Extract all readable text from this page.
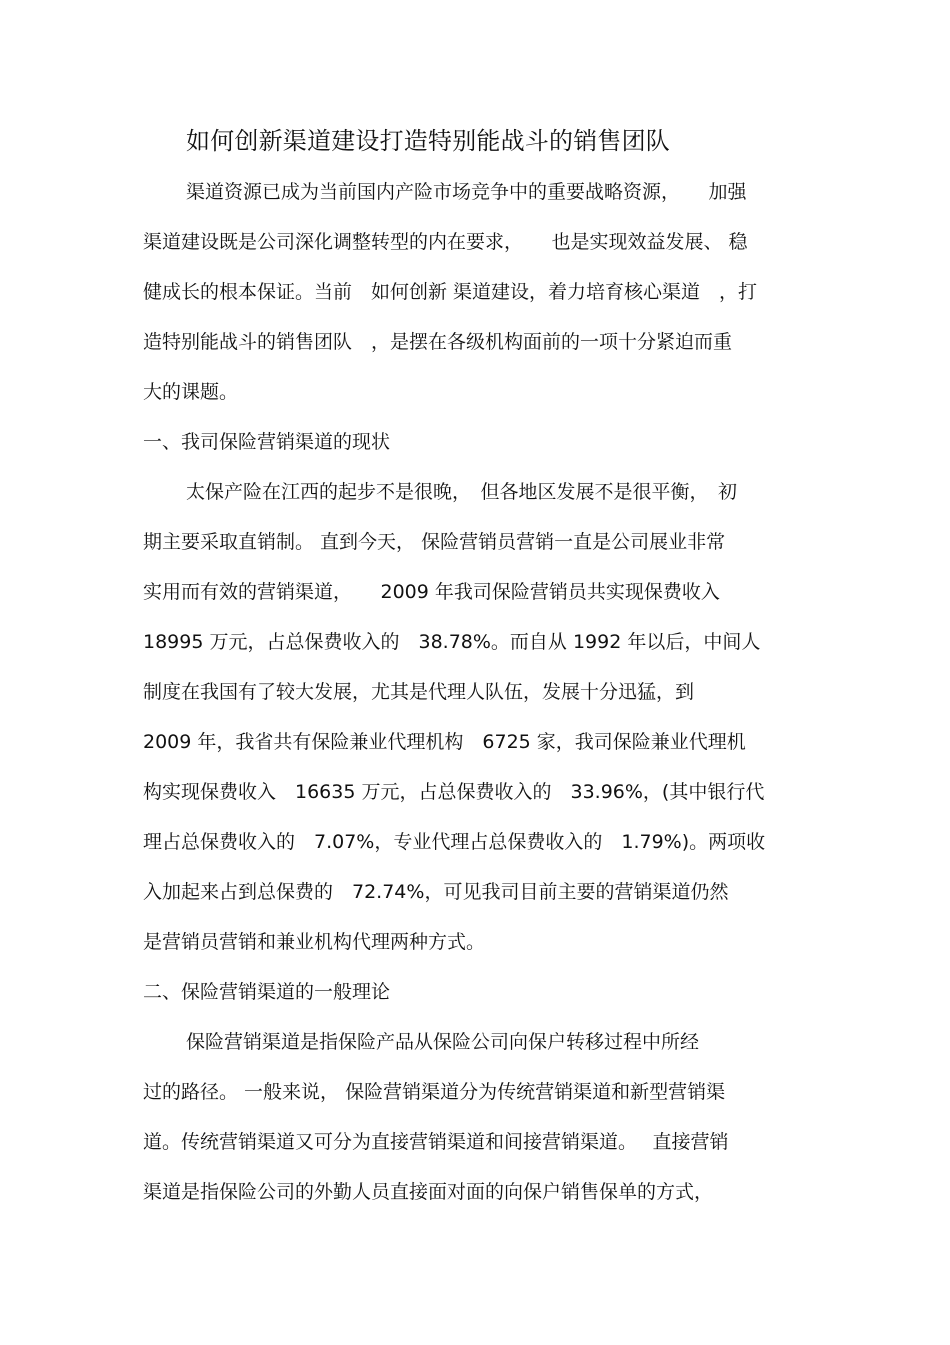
如何创新渠道建设打造特别能战斗的销售团队
渠道资源已成为当前国内产险市场竞争中的重要战略资源，　　加强
渠道建设既是公司深化调整转型的内在要求，　　也是实现效益发展、 稳
健成长的根本保证。当前　如何创新 渠道建设，着力培育核心渠道　，打
造特别能战斗的销售团队　，是摆在各级机构面前的一项十分紧迫而重
大的课题。
一、我司保险营销渠道的现状
太保产险在江西的起步不是很晚，　但各地区发展不是很平衡，　初
期主要采取直销制。 直到今天， 保险营销员营销一直是公司展业非常
实用而有效的营销渠道，　　2009 年我司保险营销员共实现保费收入
18995 万元，占总保费收入的　38.78%。而自从 1992 年以后，中间人
制度在我国有了较大发展，尤其是代理人队伍，发展十分迅猛，到
2009 年，我省共有保险兼业代理机构　6725 家，我司保险兼业代理机
构实现保费收入　16635 万元，占总保费收入的　33.96%，(其中银行代
理占总保费收入的　7.07%，专业代理占总保费收入的　1.79%)。两项收
入加起来占到总保费的　72.74%，可见我司目前主要的营销渠道仍然
是营销员营销和兼业机构代理两种方式。
二、保险营销渠道的一般理论
保险营销渠道是指保险产品从保险公司向保户转移过程中所经
过的路径。 一般来说， 保险营销渠道分为传统营销渠道和新型营销渠
道。传统营销渠道又可分为直接营销渠道和间接营销渠道。　 直接营销
渠道是指保险公司的外勤人员直接面对面的向保户销售保单的方式，
